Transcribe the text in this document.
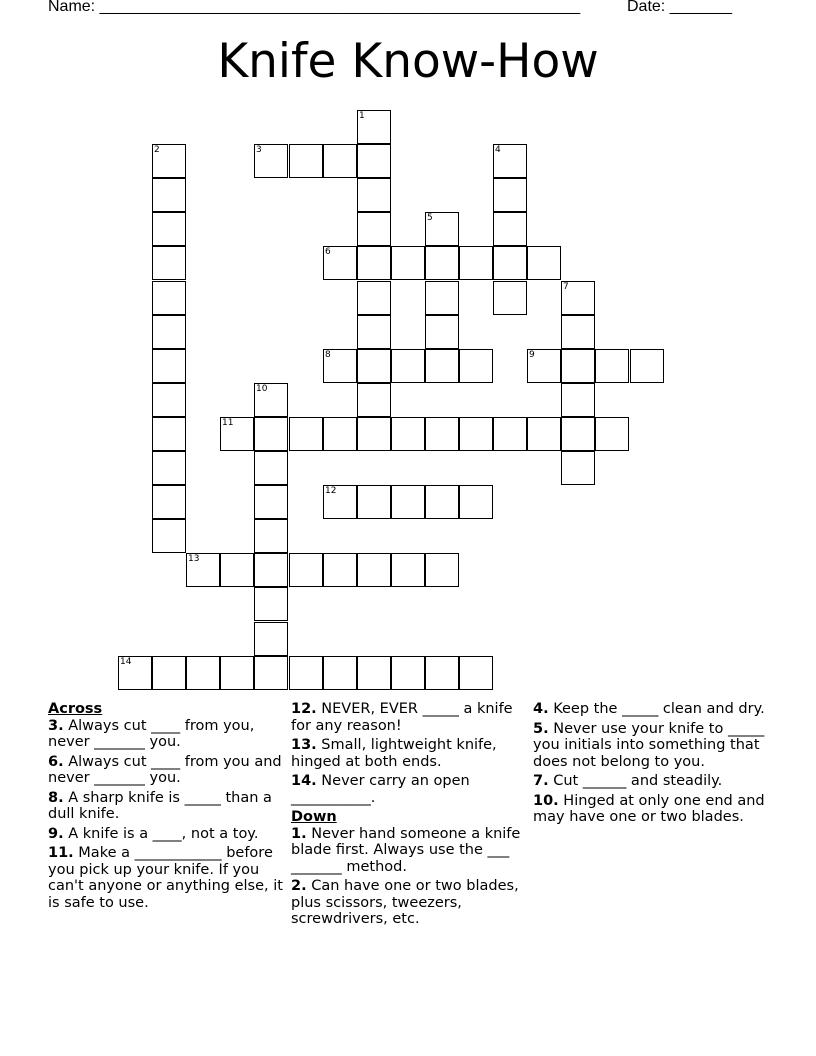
Name: ______________________________________________________	Date: _______
Knife Know-How
1
2	3	4
5
6
7
8	9
10
11
12
13
14
Across
3. Always cut ____ from you, never _______ you.
6. Always cut ____ from you and never _______ you.
8. A sharp knife is _____ than a dull knife.
9. A knife is a ____, not a toy.
11. Make a ____________ before you pick up your knife. If you can't anyone or anything else, it is safe to use.
12. NEVER, EVER _____ a knife for any reason!
13. Small, lightweight knife, hinged at both ends.
14. Never carry an open ___________.
Down
1. Never hand someone a knife blade first. Always use the ___ _______ method.
2. Can have one or two blades, plus scissors, tweezers, screwdrivers, etc.
4. Keep the _____ clean and dry.
5. Never use your knife to _____ you initials into something that does not belong to you.
7. Cut ______ and steadily.
10. Hinged at only one end and may have one or two blades.
